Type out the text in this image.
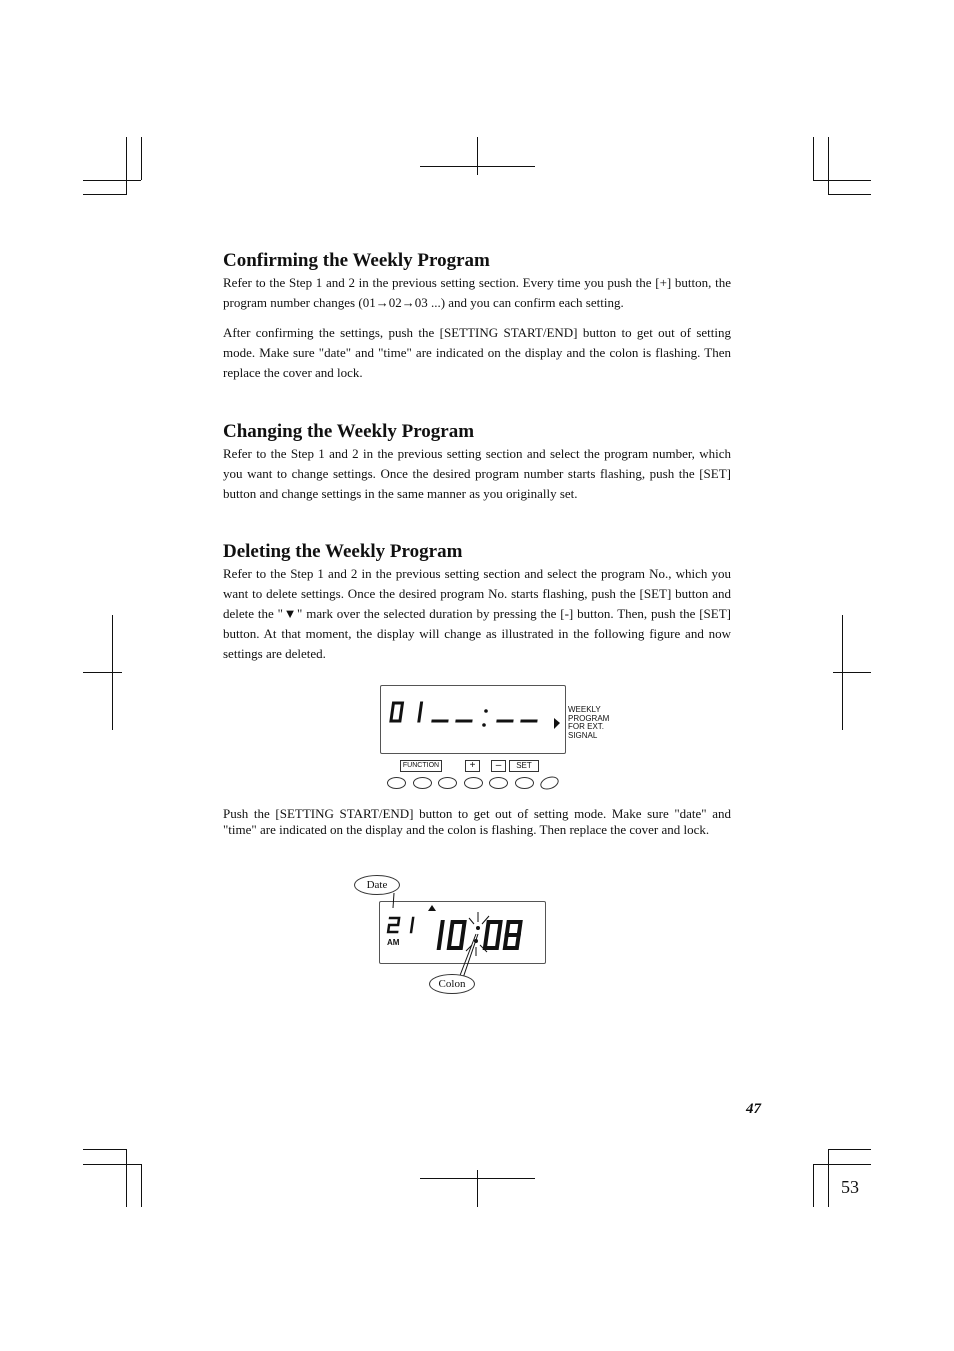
Confirming the Weekly Program

Refer to the Step 1 and 2 in the previous setting section. Every time you push the [+] button, the program number changes (01→02→03 ...) and you can confirm each setting.

After confirming the settings, push the [SETTING START/END] button to get out of setting mode. Make sure "date" and "time" are indicated on the display and the colon is flashing. Then replace the cover and lock.

Changing the Weekly Program

Refer to the Step 1 and 2 in the previous setting section and select the program number, which you want to change settings. Once the desired program number starts flashing, push the [SET] button and change settings in the same manner as you originally set.

Deleting the Weekly Program

Refer to the Step 1 and 2 in the previous setting section and select the program No., which you want to delete settings. Once the desired program No. starts flashing, push the [SET] button and delete the "▼" mark over the selected duration by pressing the [-] button. Then, push the [SET] button. At that moment, the display will change as illustrated in the following figure and now settings are deleted.

WEEKLY
PROGRAM
FOR EXT.
SIGNAL
FUNCTION	+	–	SET

Push the [SETTING START/END] button to get out of setting mode. Make sure "date" and "time" are indicated on the display and the colon is flashing. Then replace the cover and lock.

AM
Date
Colon
47
53
